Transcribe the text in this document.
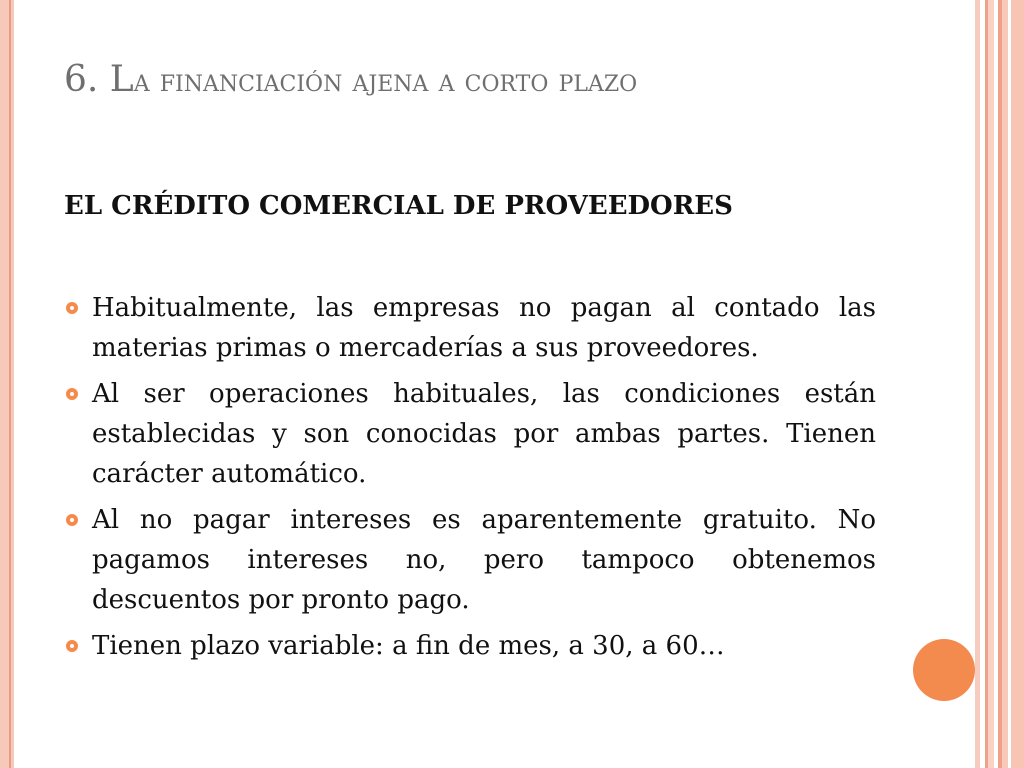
6. La financiación ajena a corto plazo
EL CRÉDITO COMERCIAL DE PROVEEDORES
Habitualmente, las empresas no pagan al contado las materias primas o mercaderías a sus proveedores.
Al ser operaciones habituales, las condiciones están establecidas y son conocidas por ambas partes. Tienen carácter automático.
Al no pagar intereses es aparentemente gratuito. No pagamos intereses no, pero tampoco obtenemos descuentos por pronto pago.
Tienen plazo variable: a fin de mes, a 30, a 60…
